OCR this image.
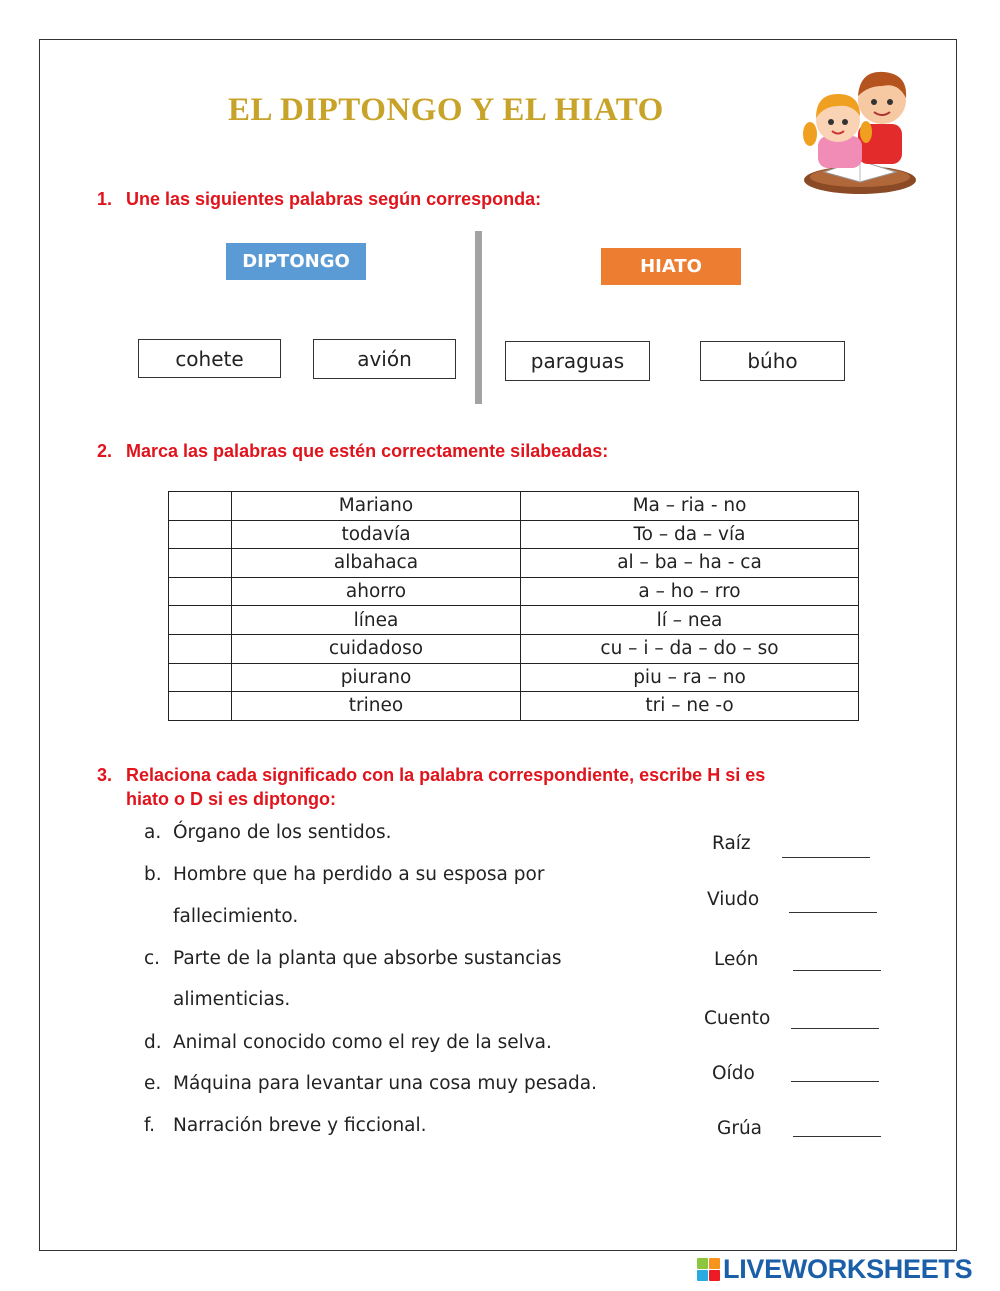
EL DIPTONGO Y EL HIATO
1. Une las siguientes palabras según corresponda:
DIPTONGO	HIATO
cohete	avión	paraguas	búho
2. Marca las palabras que estén correctamente silabeadas:
	Mariano	Ma – ria - no
	todavía	To – da – vía
	albahaca	al – ba – ha - ca
	ahorro	a – ho – rro
	línea	lí – nea
	cuidadoso	cu – i – da – do – so
	piurano	piu – ra – no
	trineo	tri – ne -o
3. Relaciona cada significado con la palabra correspondiente, escribe H si es
hiato o D si es diptongo:
a. Órgano de los sentidos.
b. Hombre que ha perdido a su esposa por
fallecimiento.
c. Parte de la planta que absorbe sustancias
alimenticias.
d. Animal conocido como el rey de la selva.
e. Máquina para levantar una cosa muy pesada.
f. Narración breve y ficcional.
Raíz
Viudo
León
Cuento
Oído
Grúa
LIVEWORKSHEETS
